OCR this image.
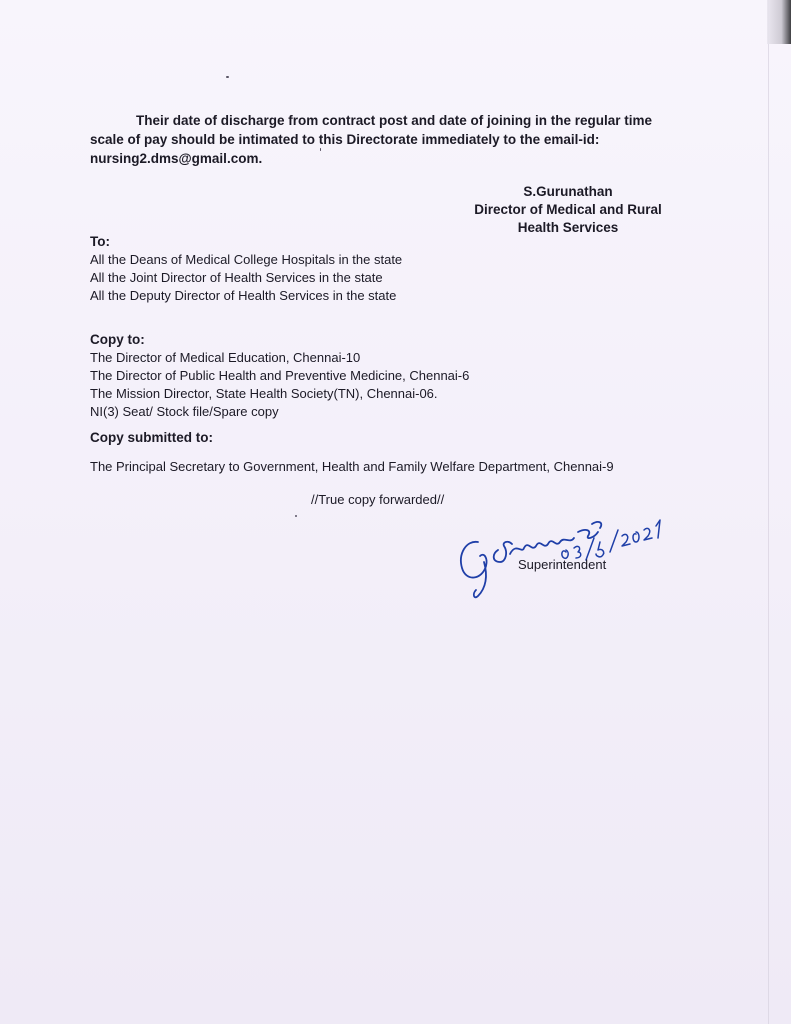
Their date of discharge from contract post and date of joining in the regular time scale of pay should be intimated to this Directorate immediately to the email-id: nursing2.dms@gmail.com.
S.Gurunathan
Director of Medical and Rural
Health Services
To:
All the Deans of Medical College Hospitals in the state
All the Joint Director of Health Services in the state
All the Deputy Director of Health Services in the state
Copy to:
The Director of Medical Education, Chennai-10
The Director of Public Health and Preventive Medicine, Chennai-6
The Mission Director, State Health Society(TN), Chennai-06.
NI(3) Seat/ Stock file/Spare copy
Copy submitted to:
The Principal Secretary to Government, Health and Family Welfare Department, Chennai-9
//True copy forwarded//
Superintendent
